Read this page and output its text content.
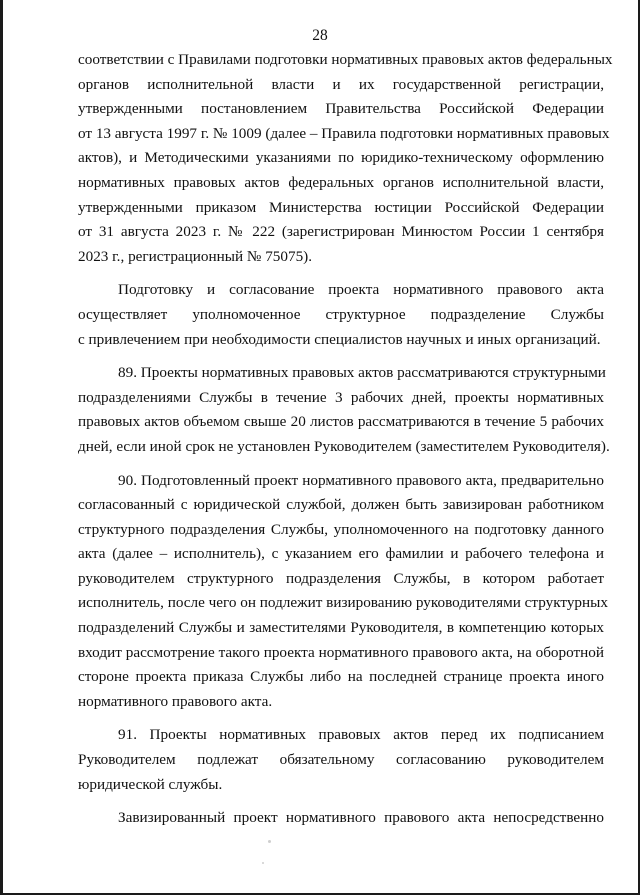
28
соответствии с Правилами подготовки нормативных правовых актов федеральных
органов исполнительной власти и их государственной регистрации,
утвержденными постановлением Правительства Российской Федерации
от 13 августа 1997 г. № 1009 (далее – Правила подготовки нормативных правовых
актов), и Методическими указаниями по юридико-техническому оформлению
нормативных правовых актов федеральных органов исполнительной власти,
утвержденными приказом Министерства юстиции Российской Федерации
от 31 августа 2023 г. № 222 (зарегистрирован Минюстом России 1 сентября
2023 г., регистрационный № 75075).
Подготовку и согласование проекта нормативного правового акта
осуществляет уполномоченное структурное подразделение Службы
с привлечением при необходимости специалистов научных и иных организаций.
89. Проекты нормативных правовых актов рассматриваются структурными
подразделениями Службы в течение 3 рабочих дней, проекты нормативных
правовых актов объемом свыше 20 листов рассматриваются в течение 5 рабочих
дней, если иной срок не установлен Руководителем (заместителем Руководителя).
90. Подготовленный проект нормативного правового акта, предварительно
согласованный с юридической службой, должен быть завизирован работником
структурного подразделения Службы, уполномоченного на подготовку данного
акта (далее – исполнитель), с указанием его фамилии и рабочего телефона и
руководителем структурного подразделения Службы, в котором работает
исполнитель, после чего он подлежит визированию руководителями структурных
подразделений Службы и заместителями Руководителя, в компетенцию которых
входит рассмотрение такого проекта нормативного правового акта, на оборотной
стороне проекта приказа Службы либо на последней странице проекта иного
нормативного правового акта.
91. Проекты нормативных правовых актов перед их подписанием
Руководителем подлежат обязательному согласованию руководителем
юридической службы.
Завизированный проект нормативного правового акта непосредственно
